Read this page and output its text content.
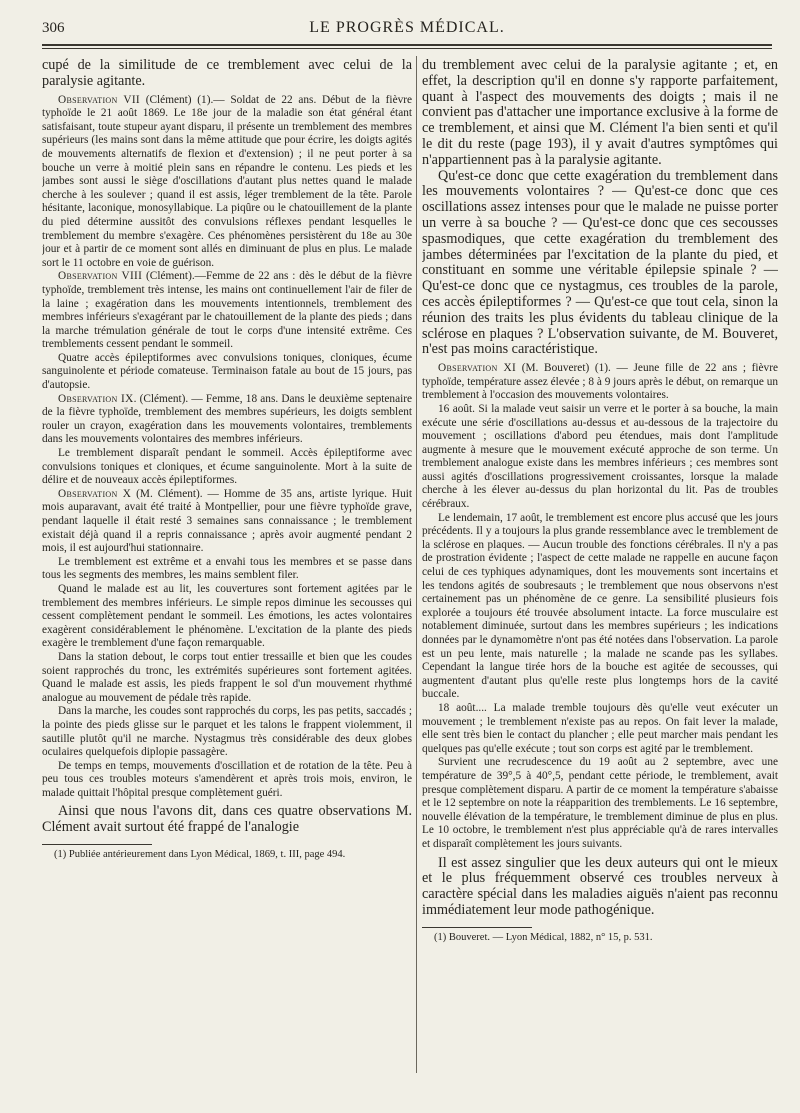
306	LE PROGRÈS MÉDICAL.

cupé de la similitude de ce tremblement avec celui de la paralysie agitante.

Observation VII (Clément) (1).— Soldat de 22 ans. Début de la fièvre typhoïde le 21 août 1869. Le 18e jour de la maladie son état général étant satisfaisant, toute stupeur ayant disparu, il présente un tremblement des membres supérieurs (les mains sont dans la même attitude que pour écrire, les doigts agités de mouvements alternatifs de flexion et d'extension) ; il ne peut porter à sa bouche un verre à moitié plein sans en répandre le contenu. Les pieds et les jambes sont aussi le siège d'oscillations d'autant plus nettes quand le malade cherche à les soulever ; quand il est assis, léger tremblement de la tête. Parole hésitante, laconique, monosyllabique. La piqûre ou le chatouillement de la plante du pied détermine aussitôt des convulsions réflexes pendant lesquelles le tremblement du membre s'exagère. Ces phénomènes persistèrent du 18e au 30e jour et à partir de ce moment sont allés en diminuant de plus en plus. Le malade sort le 11 octobre en voie de guérison.

Observation VIII (Clément).—Femme de 22 ans : dès le début de la fièvre typhoïde, tremblement très intense, les mains ont continuellement l'air de filer de la laine ; exagération dans les mouvements intentionnels, tremblement des membres inférieurs s'exagérant par le chatouillement de la plante des pieds ; dans la marche trémulation générale de tout le corps d'une intensité extrême. Ces tremblements cessent pendant le sommeil.

Quatre accès épileptiformes avec convulsions toniques, cloniques, écume sanguinolente et période comateuse. Terminaison fatale au bout de 15 jours, pas d'autopsie.

Observation IX. (Clément). — Femme, 18 ans. Dans le deuxième septenaire de la fièvre typhoïde, tremblement des membres supérieurs, les doigts semblent rouler un crayon, exagération dans les mouvements volontaires, tremblements dans les mouvements volontaires des membres inférieurs.

Le tremblement disparaît pendant le sommeil. Accès épileptiforme avec convulsions toniques et cloniques, et écume sanguinolente. Mort à la suite de délire et de nouveaux accès épileptiformes.

Observation X (M. Clément). — Homme de 35 ans, artiste lyrique. Huit mois auparavant, avait été traité à Montpellier, pour une fièvre typhoïde grave, pendant laquelle il était resté 3 semaines sans connaissance ; le tremblement existait déjà quand il a repris connaissance ; après avoir augmenté pendant 2 mois, il est aujourd'hui stationnaire.

Le tremblement est extrême et a envahi tous les membres et se passe dans tous les segments des membres, les mains semblent filer.

Quand le malade est au lit, les couvertures sont fortement agitées par le tremblement des membres inférieurs. Le simple repos diminue les secousses qui cessent complètement pendant le sommeil. Les émotions, les actes volontaires exagèrent considérablement le phénomène. L'excitation de la plante des pieds exagère le tremblement d'une façon remarquable.

Dans la station debout, le corps tout entier tressaille et bien que les coudes soient rapprochés du tronc, les extrémités supérieures sont fortement agitées. Quand le malade est assis, les pieds frappent le sol d'un mouvement rhythmé analogue au mouvement de pédale très rapide.

Dans la marche, les coudes sont rapprochés du corps, les pas petits, saccadés ; la pointe des pieds glisse sur le parquet et les talons le frappent violemment, il sautille plutôt qu'il ne marche. Nystagmus très considérable des deux globes oculaires quelquefois diplopie passagère.

De temps en temps, mouvements d'oscillation et de rotation de la tête. Peu à peu tous ces troubles moteurs s'amendèrent et après trois mois, environ, le malade quittait l'hôpital presque complètement guéri.

Ainsi que nous l'avons dit, dans ces quatre observations M. Clément avait surtout été frappé de l'analogie

(1) Publiée antérieurement dans Lyon Médical, 1869, t. III, page 494.

du tremblement avec celui de la paralysie agitante ; et, en effet, la description qu'il en donne s'y rapporte parfaitement, quant à l'aspect des mouvements des doigts ; mais il ne convient pas d'attacher une importance exclusive à la forme de ce tremblement, et ainsi que M. Clément l'a bien senti et qu'il le dit du reste (page 193), il y avait d'autres symptômes qui n'appartiennent pas à la paralysie agitante.

Qu'est-ce donc que cette exagération du tremblement dans les mouvements volontaires ? — Qu'est-ce donc que ces oscillations assez intenses pour que le malade ne puisse porter un verre à sa bouche ? — Qu'est-ce donc que ces secousses spasmodiques, que cette exagération du tremblement des jambes déterminées par l'excitation de la plante du pied, et constituant en somme une véritable épilepsie spinale ? — Qu'est-ce donc que ce nystagmus, ces troubles de la parole, ces accès épileptiformes ? — Qu'est-ce que tout cela, sinon la réunion des traits les plus évidents du tableau clinique de la sclérose en plaques ? L'observation suivante, de M. Bouveret, n'est pas moins caractéristique.

Observation XI (M. Bouveret) (1). — Jeune fille de 22 ans ; fièvre typhoïde, température assez élevée ; 8 à 9 jours après le début, on remarque un tremblement à l'occasion des mouvements volontaires.

16 août. Si la malade veut saisir un verre et le porter à sa bouche, la main exécute une série d'oscillations au-dessus et au-dessous de la trajectoire du mouvement ; oscillations d'abord peu étendues, mais dont l'amplitude augmente à mesure que le mouvement exécuté approche de son terme. Un tremblement analogue existe dans les membres inférieurs ; ces membres sont aussi agités d'oscillations progressivement croissantes, lorsque la malade cherche à les élever au-dessus du plan horizontal du lit. Pas de troubles cérébraux.

Le lendemain, 17 août, le tremblement est encore plus accusé que les jours précédents. Il y a toujours la plus grande ressemblance avec le tremblement de la sclérose en plaques. — Aucun trouble des fonctions cérébrales. Il n'y a pas de prostration évidente ; l'aspect de cette malade ne rappelle en aucune façon celui de ces typhiques adynamiques, dont les mouvements sont incertains et les tendons agités de soubresauts ; le tremblement que nous observons n'est certainement pas un phénomène de ce genre. La sensibilité plusieurs fois explorée a toujours été trouvée absolument intacte. La force musculaire est notablement diminuée, surtout dans les membres supérieurs ; les indications données par le dynamomètre n'ont pas été notées dans l'observation. La parole est un peu lente, mais naturelle ; la malade ne scande pas les syllabes. Cependant la langue tirée hors de la bouche est agitée de secousses, qui augmentent d'autant plus qu'elle reste plus longtemps hors de la cavité buccale.

18 août.... La malade tremble toujours dès qu'elle veut exécuter un mouvement ; le tremblement n'existe pas au repos. On fait lever la malade, elle sent très bien le contact du plancher ; elle peut marcher mais pendant les quelques pas qu'elle exécute ; tout son corps est agité par le tremblement.

Survient une recrudescence du 19 août au 2 septembre, avec une température de 39°,5 à 40°,5, pendant cette période, le tremblement, avait presque complètement disparu. A partir de ce moment la température s'abaisse et le 12 septembre on note la réapparition des tremblements. Le 16 septembre, nouvelle élévation de la température, le tremblement diminue de plus en plus. Le 10 octobre, le tremblement n'est plus appréciable qu'à de rares intervalles et disparaît complètement les jours suivants.

Il est assez singulier que les deux auteurs qui ont le mieux et le plus fréquemment observé ces troubles nerveux à caractère spécial dans les maladies aiguës n'aient pas reconnu immédiatement leur mode pathogénique.

(1) Bouveret. — Lyon Médical, 1882, n° 15, p. 531.
